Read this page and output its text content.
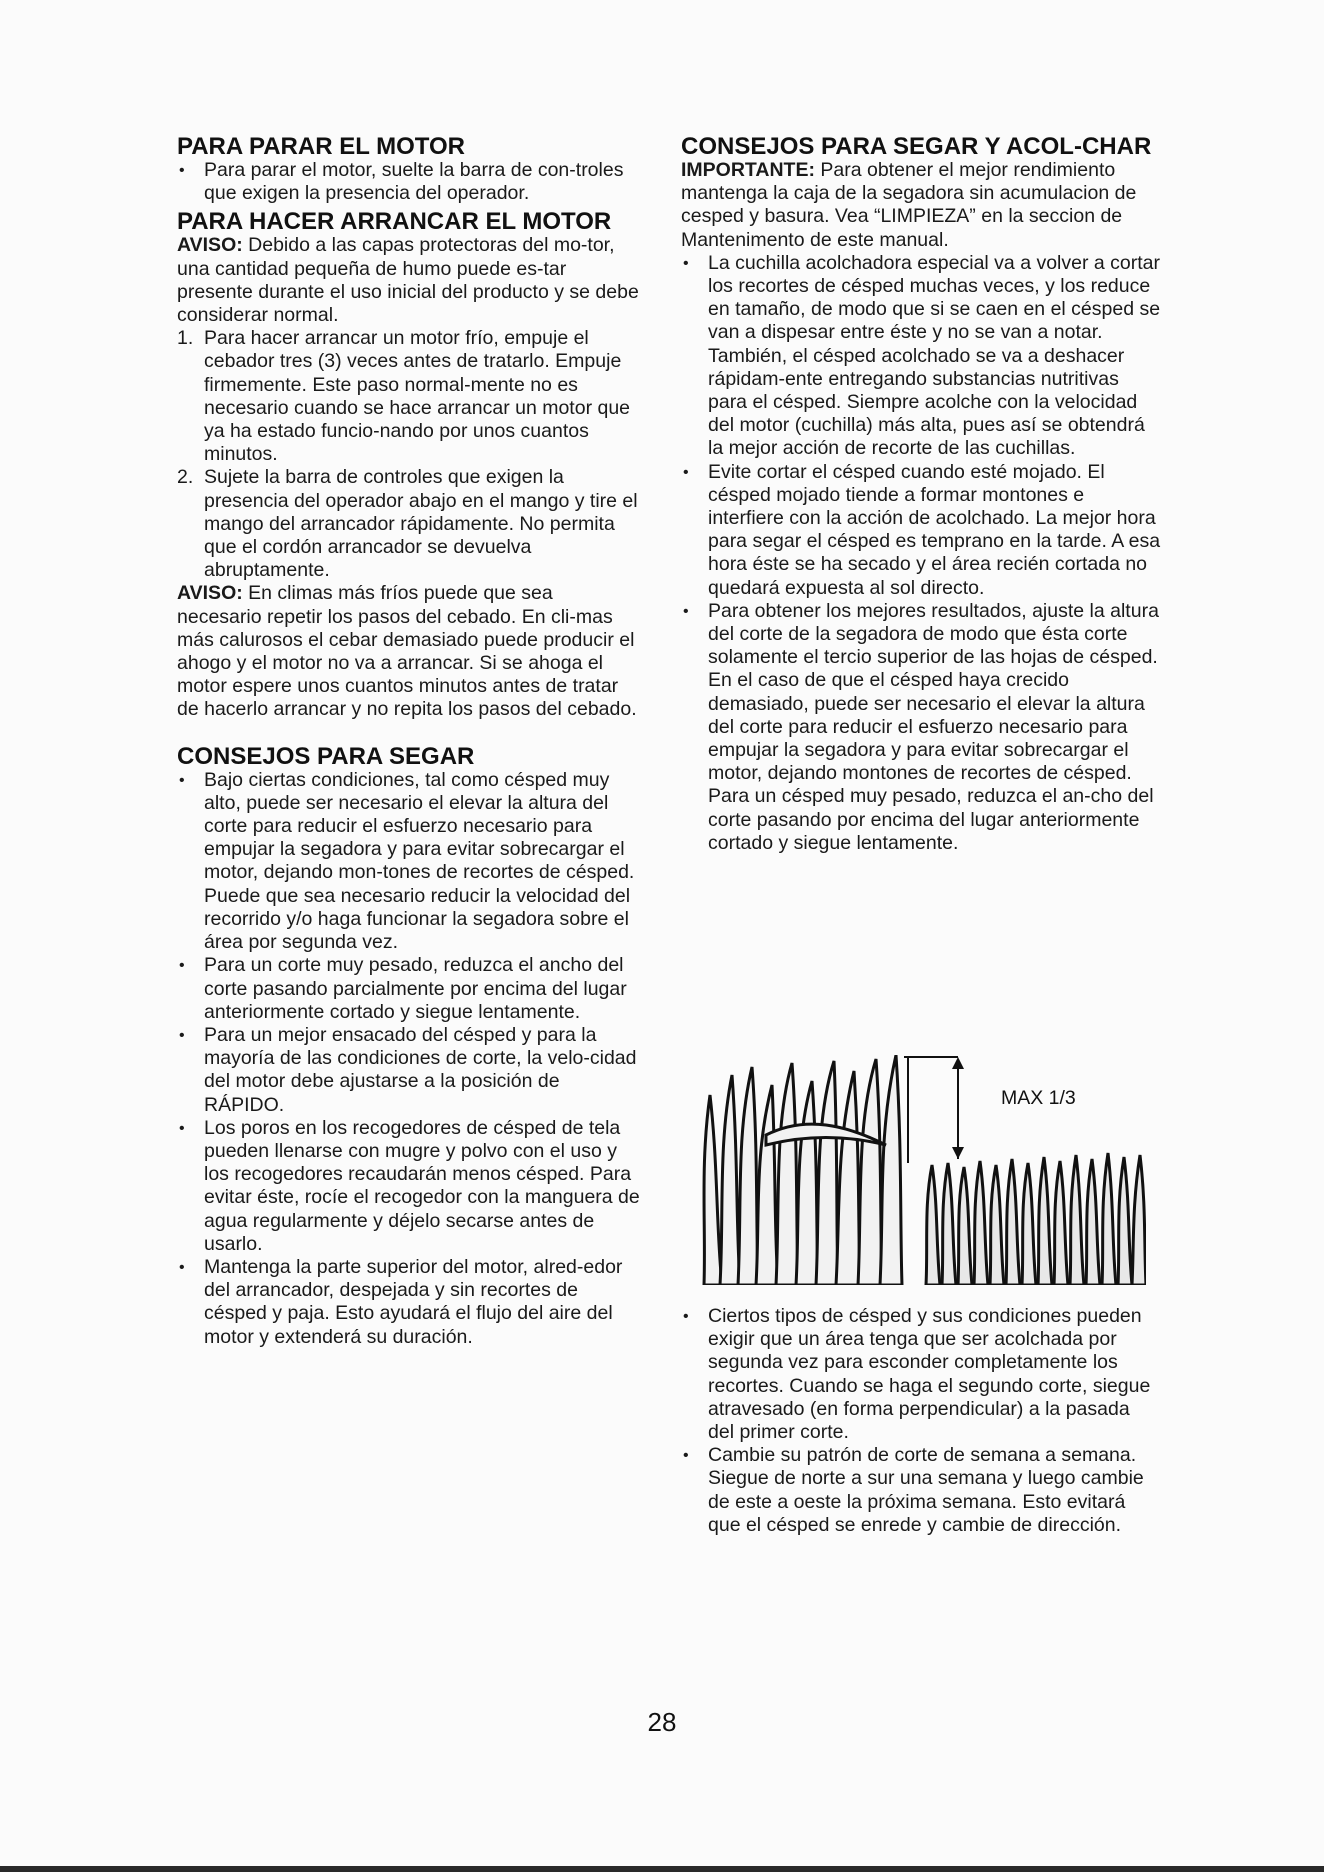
PARA PARAR EL MOTOR
• Para parar el motor, suelte la barra de con-troles que exigen la presencia del operador.
PARA HACER ARRANCAR EL MOTOR

AVISO: Debido a las capas protectoras del mo-tor, una cantidad pequeña de humo puede es-tar presente durante el uso inicial del producto y se debe considerar normal.

1. Para hacer arrancar un motor frío, empuje el cebador tres (3) veces antes de tratarlo. Empuje firmemente. Este paso normal-mente no es necesario cuando se hace arrancar un motor que ya ha estado funcio-nando por unos cuantos minutos.
2. Sujete la barra de controles que exigen la presencia del operador abajo en el mango y tire el mango del arrancador rápidamente. No permita que el cordón arrancador se devuelva abruptamente.

AVISO: En climas más fríos puede que sea necesario repetir los pasos del cebado. En cli-mas más calurosos el cebar demasiado puede producir el ahogo y el motor no va a arrancar. Si se ahoga el motor espere unos cuantos minutos antes de tratar de hacerlo arrancar y no repita los pasos del cebado.

CONSEJOS PARA SEGAR
• Bajo ciertas condiciones, tal como césped muy alto, puede ser necesario el elevar la altura del corte para reducir el esfuerzo necesario para empujar la segadora y para evitar sobrecargar el motor, dejando mon-tones de recortes de césped. Puede que sea necesario reducir la velocidad del recorrido y/o haga funcionar la segadora sobre el área por segunda vez.
• Para un corte muy pesado, reduzca el ancho del corte pasando parcialmente por encima del lugar anteriormente cortado y siegue lentamente.
• Para un mejor ensacado del césped y para la mayoría de las condiciones de corte, la velo-cidad del motor debe ajustarse a la posición de RÁPIDO.
• Los poros en los recogedores de césped de tela pueden llenarse con mugre y polvo con el uso y los recogedores recaudarán menos césped. Para evitar éste, rocíe el recogedor con la manguera de agua regularmente y déjelo secarse antes de usarlo.
• Mantenga la parte superior del motor, alred-edor del arrancador, despejada y sin recortes de césped y paja. Esto ayudará el flujo del aire del motor y extenderá su duración.
CONSEJOS PARA SEGAR Y ACOL-CHAR

IMPORTANTE: Para obtener el mejor rendimiento mantenga la caja de la segadora sin acumulacion de cesped y basura. Vea “LIMPIEZA” en la seccion de Mantenimento de este manual.

• La cuchilla acolchadora especial va a volver a cortar los recortes de césped muchas veces, y los reduce en tamaño, de modo que si se caen en el césped se van a dispesar entre éste y no se van a notar. También, el césped acolchado se va a deshacer rápidam-ente entregando substancias nutritivas para el césped. Siempre acolche con la velocidad del motor (cuchilla) más alta, pues así se obtendrá la mejor acción de recorte de las cuchillas.
• Evite cortar el césped cuando esté mojado. El césped mojado tiende a formar montones e interfiere con la acción de acolchado. La mejor hora para segar el césped es temprano en la tarde. A esa hora éste se ha secado y el área recién cortada no quedará expuesta al sol directo.
• Para obtener los mejores resultados, ajuste la altura del corte de la segadora de modo que ésta corte solamente el tercio superior de las hojas de césped. En el caso de que el césped haya crecido demasiado, puede ser necesario el elevar la altura del corte para reducir el esfuerzo necesario para empujar la segadora y para evitar sobrecargar el motor, dejando montones de recortes de césped. Para un césped muy pesado, reduzca el an-cho del corte pasando por encima del lugar anteriormente cortado y siegue lentamente.
MAX 1/3
• Ciertos tipos de césped y sus condiciones pueden exigir que un área tenga que ser acolchada por segunda vez para esconder completamente los recortes. Cuando se haga el segundo corte, siegue atravesado (en forma perpendicular) a la pasada del primer corte.
• Cambie su patrón de corte de semana a semana. Siegue de norte a sur una semana y luego cambie de este a oeste la próxima semana. Esto evitará que el césped se enrede y cambie de dirección.
28
